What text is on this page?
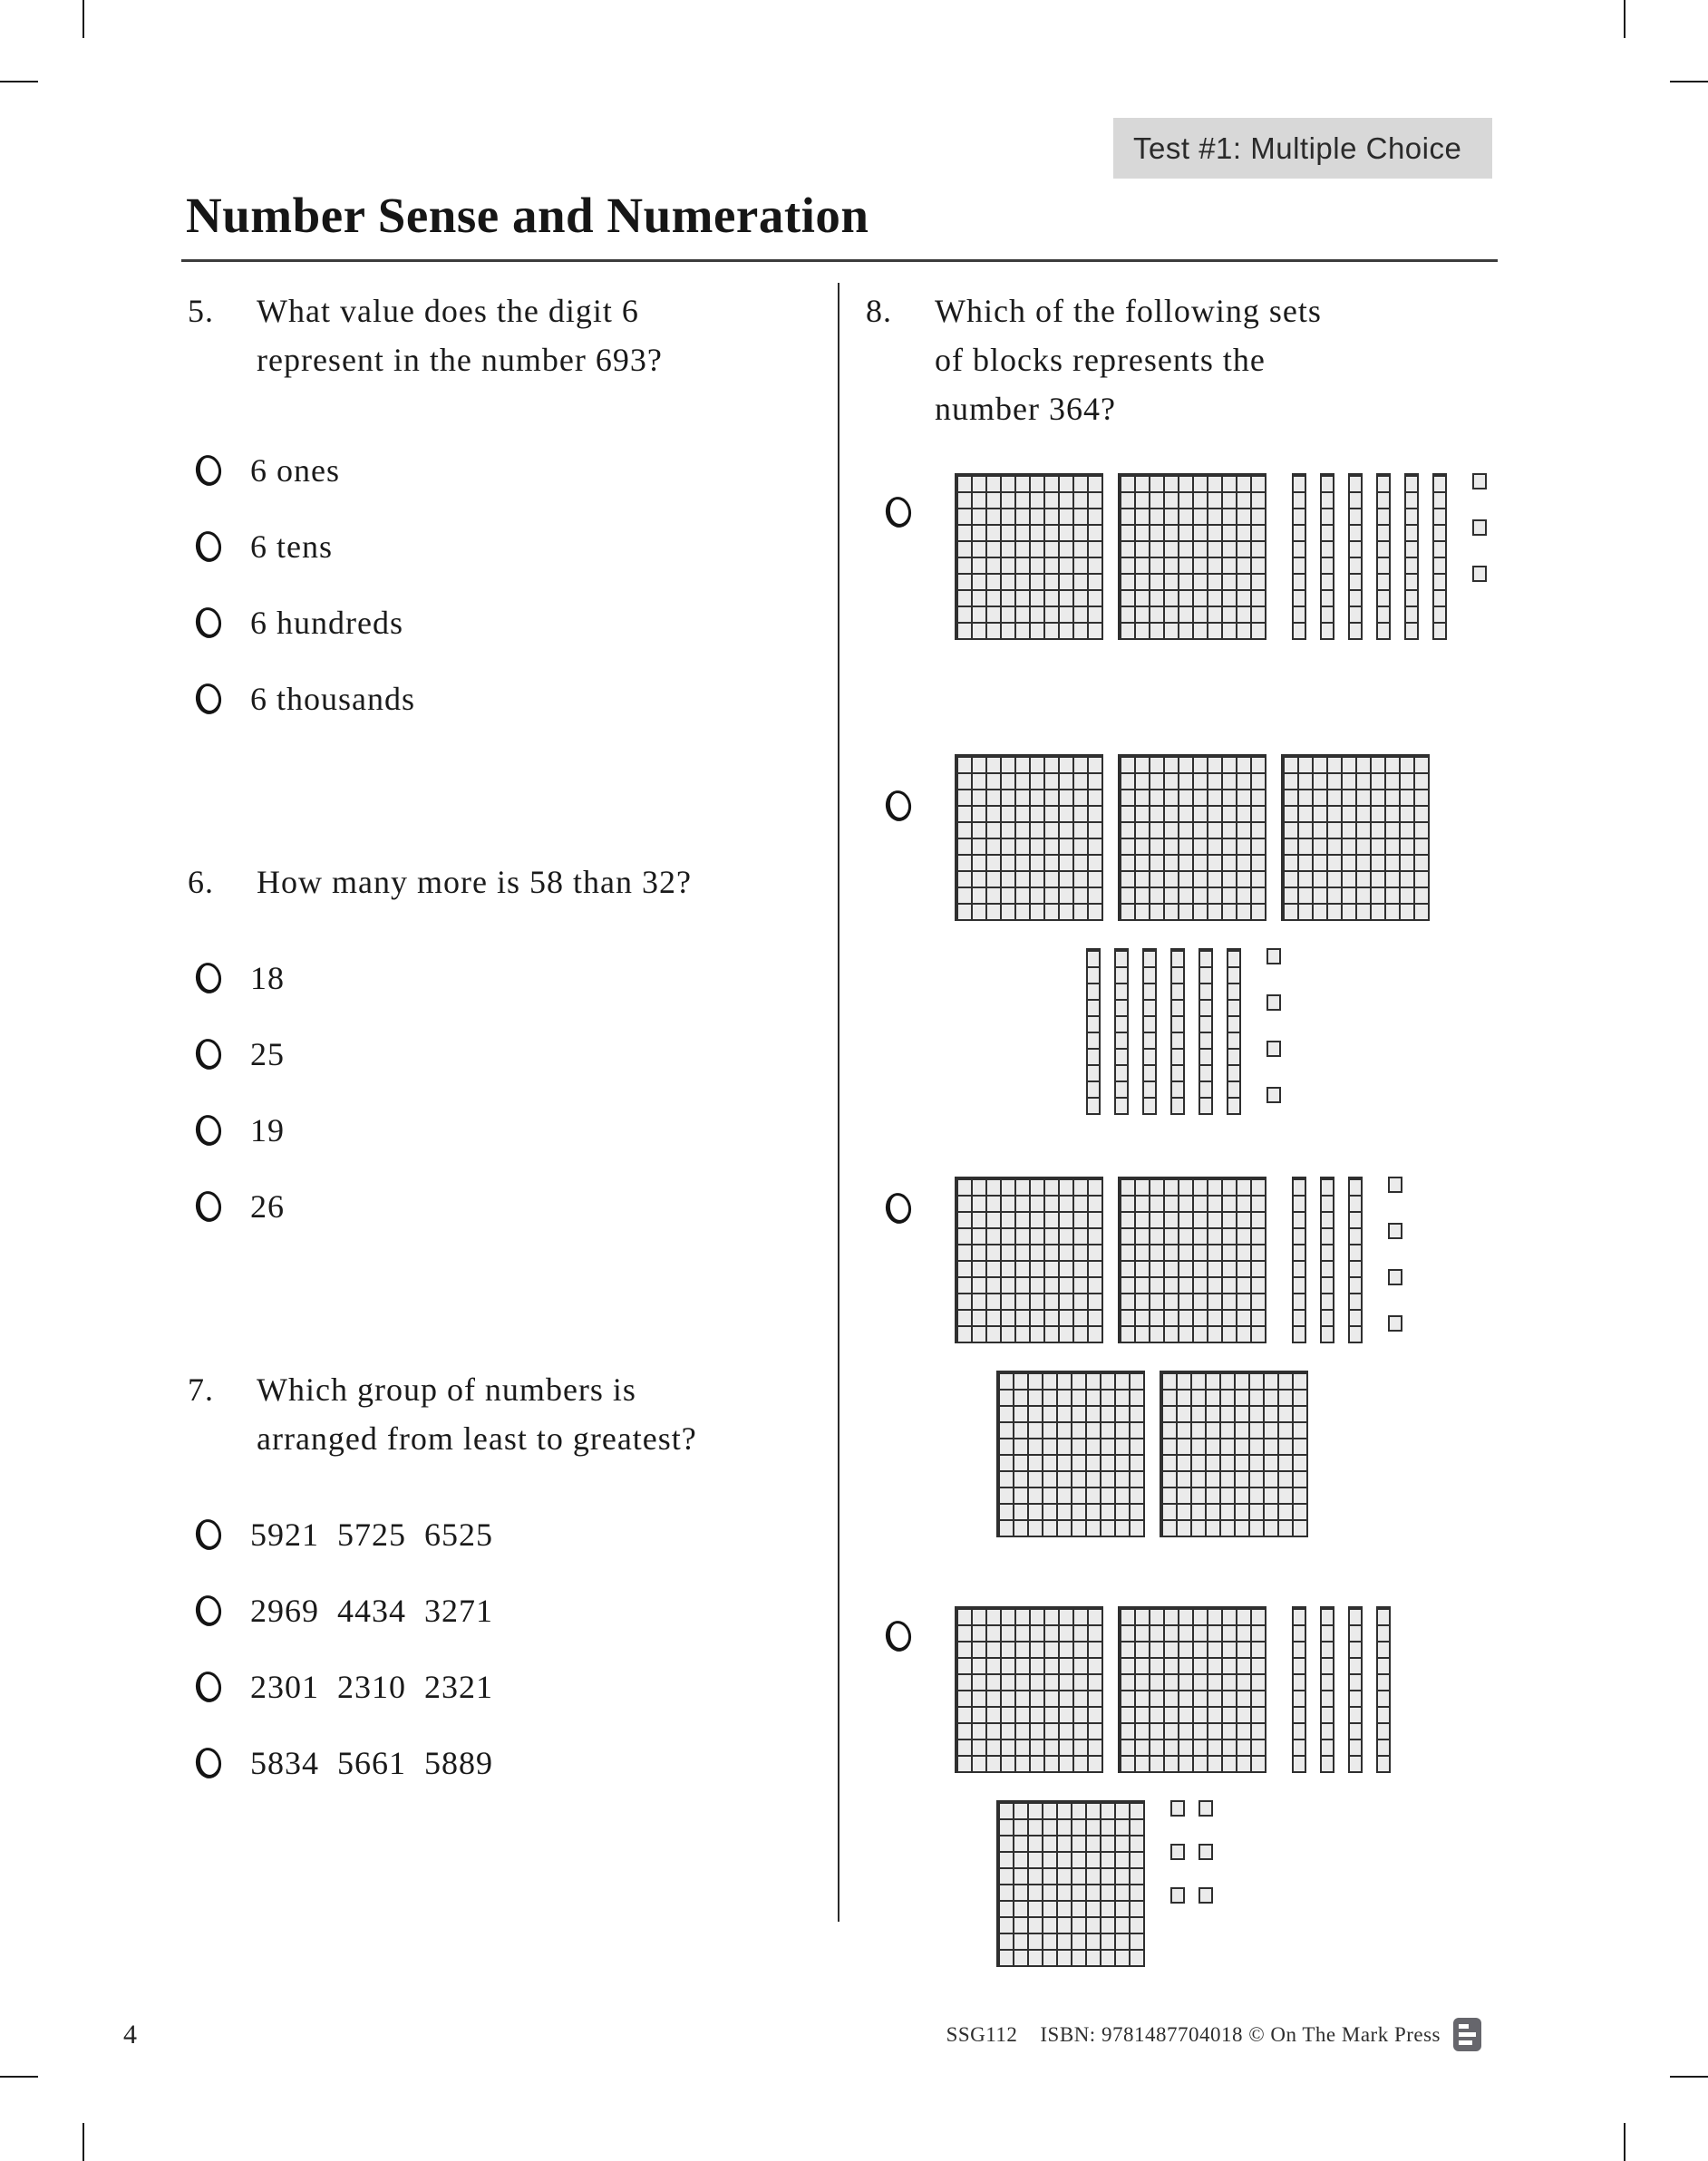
Test #1: Multiple Choice
Number Sense and Numeration
5.	What value does the digit 6
represent in the number 693?
6 ones
6 tens
6 hundreds
6 thousands
6.	How many more is 58 than 32?
18
25
19
26
7.	Which group of numbers is
arranged from least to greatest?
5921  5725  6525
2969  4434  3271
2301  2310  2321
5834  5661  5889
8.	Which of the following sets
of blocks represents the
number 364?
4	SSG112    ISBN: 9781487704018 © On The Mark Press
